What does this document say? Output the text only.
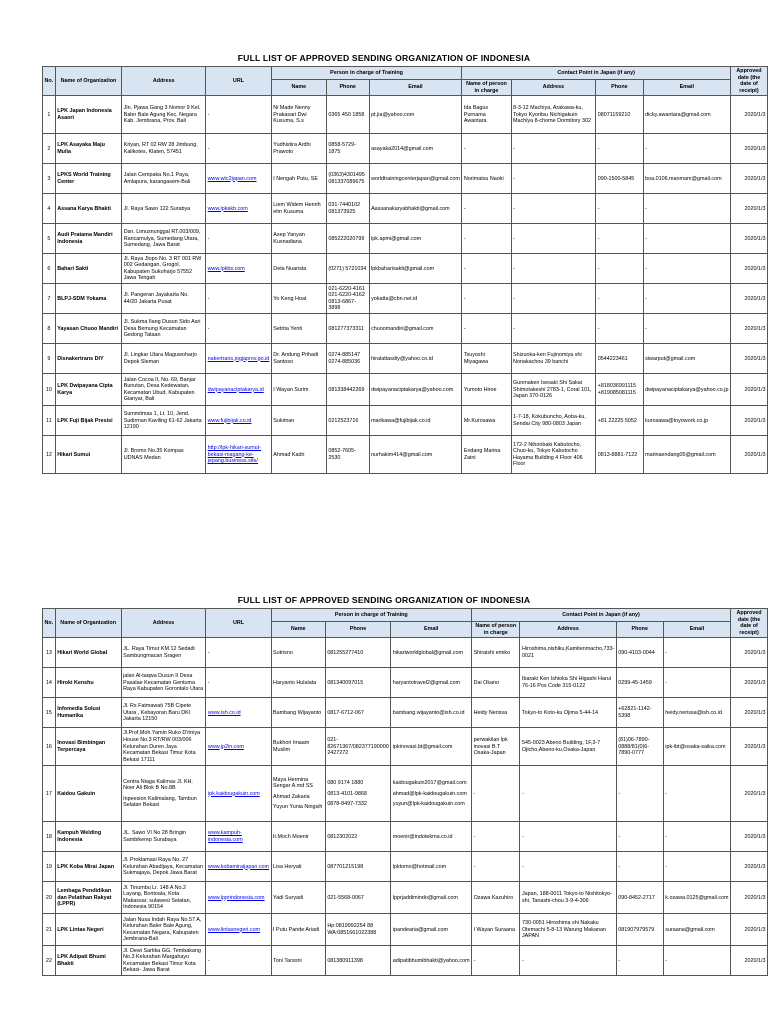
FULL LIST OF APPROVED SENDING ORGANIZATION OF INDONESIA
No.	Name of Organization	Address	URL	Person in charge of Training			Contact Point in Japan (if any)				Approved date (the date of receipt)
				Name	Phone	Email	Name of person in charge	Address	Phone	Email	
1	LPK Japan Indonesia Asaori	Jln. Pjawa Gang 3 Nomor 9 Kel. Baler Bale Agung Kec. Negara Kab. Jembrana, Prov. Bali	-	Ni Made Nenny Prakasari Dwi Kusuma, S.s	0365 450 1858	pt.jia@yahoo.com	Ida Bagus Purnama Awantara	8-3-12 Machiya, Arakawa-ku, Tokyo Kyoritsu Nichigakuin Machiya 8-chome Dormitory 302	08071159210	dicky.awantara@gmail.com	2020/1/3
2	LPK Asayaka Maju Mulia	Kriyan, RT 02 RW 28 Jimbung, Kalikotes, Klaten, 57451	-	Yudhistira Ardhi Prawoto	0858-5729-1875	asayaka2014@gmail.com	-	-	-	-	2020/1/3
3	LPKS World Training Center	Jalan Cempaka No.1 Paya, Amlapura, karangasem-Bali	www.wtc2japan.com	I Nengah Putu, SE	(0363)4301495 081337089675	worldtrainingcenterjapan@gmail.com	Norimatsu Naoki	-	090-1500-5845	boa.0106.manmam@gmail.com	2020/1/3
4	Assana Karya Bhakti	Jl. Raya Sawo 122 Surabya	www.lpkakb.com	Liem Widem Henrih elm Kusuma	031-7440102 081373925	Aassanakaryabhakti@gmail.com	-	-	-	-	2020/1/3
5	Audi Pratama Mandiri Indonesia	Dsn. Limusnunggal RT.003/009, Rancamulya, Sumedang Utara, Sumedang, Jawa Barat	-	Asep Yanyan Kusnadiana	085222020799	lpk.apmi@gmail.com	-	-	-	-	2020/1/3
6	Bahari Sakti	Jl. Raya Jlopo No. 3 RT 001 RW 002 Gedangan, Grogol, Kabupaten Sukoharjo 57552 Jawa Tengah	www.lpkbs.com	Deta Nuarista	(0271) 5721034	lpkbaharisakti@gmail.com	-	-	-	-	2020/1/3
7	BLPJ-SDM Yokama	Jl. Pangeran Jayakarta No. 44/20 Jakarta Pusat	-	Yo Keng Hoat	021-6220-4161 021-6220-4162 0813-6867-3898	yokatta@cbn.net.id	-	-	-	-	2020/1/3
8	Yayasan Chuoo Mandiri	Jl. Sukma Ilang Dusun Sido Asri Desa Bemung Kecamatan Gedong Tataan	-	Setrita Yenti	081277373311	chuoomandiri@gmail.com	-	-	-	-	2020/1/3
9	Disnakertrans DIY	Jl. Lingkar Utara Maguwoharjo Depok Sleman	nakertrans.jogjaprov.go.id	Dr. Andung Prihadi Santoso	0274-885147 0274-885036	hiralattasdiy@yahoo.co.id	Tsuyoshi Miyagawa	Shizuoka-ken Fujinomiya shi Nonakachou 39 banchi	0544223461	siwarput@gmail.com	2020/1/3
10	LPK Dwipayana Cipta Karya	Jalan Cocoa II, No. 69, Banjar Bunutan, Desa Kedewatan, Kecamatan Ubud, Kabupaten Gianyar, Bali	dwipayanaciptakarya.id	I Wayan Surim	081338442269	dwipayanaciptakarya@yahoo.com	Yumoto Hiroe	Gunmaken Isesaki Shi Sakai Shimotakeshi 2783-1, Coral 101, Japan 370-0126	+818036991115 +819085081115	dwipayanaciptakarya@yahoo.co.jp	2020/1/3
11	LPK Fuji Bijak Presisi	Summitmas 1, Lt. 10, Jend. Sudirman Kaviling 61-62 Jakarta 12190	www.fujibijak.co.id	Sukiman	0212523716	marikawa@fujibijak.co.id	Mr.Kurosawa	1-7-18, Kokubuncho, Aoba-ku, Sendai City 980-0803 Japan	+81 22225 5052	kurosawa@toyowork.co.jp	2020/1/3
12	Hikari Sumui	Jl. Bromo No.35 Kompas UDNAS Medan	http://lpk-hikari-sumut-bekasi-magang-ke-jepang.business.site/	Ahmad Kadri	0852-7605-2530	nurhakim414@gmail.com	Endang Marina Zaini	172-2 Nihonbaki Kabutocho, Chuo-ku, Tokyo Kabutocho Hayama Building 4 Floor 406 Floor	0813-8881-7122	marinaendang05@gmail.com	2020/1/3
FULL LIST OF APPROVED SENDING ORGANIZATION OF INDONESIA
No.	Name of Organization	Address	URL	Person in charge of Training			Contact Point in Japan (if any)				Approved date (the date of receipt)
				Name	Phone	Email	Name of person in charge	Address	Phone	Email	
13	Hikari World Global	JL. Raya Timur KM.12 Sedadi Sambungmacan Sragen	-	Sutrisno	081255277410	hikariworldglobal@gmail.com	Shiraishi emiko	Hiroshima,nishiku,Kamitenmacho,733-0021	090-4103-0044	-	2020/1/3
14	Hiroki Kenshu	jalan Al-taqwa Dusun II Desa Pasalae Kecamatan Gentuma Raya Kabupaten Gorontalo Utara	-	Haryanto Hulalata	081340097015	haryantotravel2@gmail.com	Dai Okano	Ibaraki Ken Ishioka Shi Higashi Harui 76-16 Pos Code 315-0122	0299-45-1459	-	2020/1/3
15	Infomedia Solusi Humanika	Jl. Rs Fatmawati 75B Cipete Utara , Kebayoran Baru DKI Jakarta 12150	www.ish.co.id	Bambang Wijayanto	0817-6712-067	bambang.wijayanto@ish.co.id	Heidy Nerissa	Tokyo-to Koto-ku Ojima 5-44-14	+62821-1142-5398	heidy.nerissa@ish.co.id	2020/1/3
16	Inovasi Bimbingan Terpercaya	Jl.Prof.Moh.Yamin Ruko D'riniya House No.3 RT/RW 003/006 Kelurahan Duren Jaya Kecamatan Bekasi Timur Kota Bekasi 17111	www.jp2in.com	Bukhori Imaam Muslim	021-82671367/082377190000 2427272	ipkinovasi.bt@gmail.com	perwakilan lpk inovasi B.T Osaka-Japan	545-0023 Abeno Building, 1F,3-7 Ojicho,Abeno-ku,Osaka-Japan	(81)06-7890-0888/81(0)6-7890-0777	ipk-ibt@osaka-saika.com	2020/1/3
17	Kaidou Gakuin	Centra Niaga Kalimas Jl. KH. Noer Ali Blok B No.8B
Inpeesion Kalimalang, Tambun Selatan Bekasi	ipk.kaidougakuin.com	Maya Hermina Sengar A.md SS
Ahmad Zakaria
Yuyun Yunia Ningsih	080 9174 1880
0813-4101-9868
0878-8497-7332	kaidougakuin2017@gmail.com
ahmad@lpk-kaidougakuin.com
yuyun@lpk-kaidougakuin.com	-	-	-	-	2020/1/3
18	Kampuh Welding Indonesia	JL. Sawo VI No 28 Bringin Sambikerep Surabaya	www.kampuh-indonesia.com	Ir.Moch Moenir	0812302022	moenir@indotekma.co.id	-	-	-	-	2020/1/3
19	LPK Koba Mirai Japan	Jl. Proklamasi Raya No. 27 Kelurahan Abadijaya, Kecamatan Sukmajaya, Depok Jawa Barat	www.kobamiraijapan.com	Lisa Heryati	087701215198	lpktomo@hotmail.com	-	-	-	-	2020/1/3
20	Lembaga Pendidikan dan Pelatihan Rakyat (LPPR)	Jl. Tinumbu Lr. 148 A No.2 Layang, Bontoala, Kota Makassar, sulawesi Selatan, Indonesia 90154	www.lpprindonesia.com	Yadi Suryadi	021-5568-0067	lpprjaddimindo@gmail.com	Ozawa Kazuhiro	Japan, 188-0011 Tokyo-to Nishitokyo-shi, Tanashi-chou 3-9-4-306	090-8452-2717	k.ozawa.0125@gmail.com	2020/1/3
21	LPK Lintas Negeri	Jalan Nusa Indah Raya No.57 A, Kelurahan Baler Bale Agung, Kecamatan Negara, Kabupaten Jembrana-Bali	www.lintasnegeri.com	I Putu Pande Ariadi	Hp:0819992254 88 WA:0851661022388	ipandearia@gmail.com	I Wayan Suraana	730-0051 Hiroshima shi Nakaku Otemachi 5-8-13 Warung Makanan JAPAN	081907979579	suraana@gmail.com	2020/1/3
22	LPK Adipati Bhumi Bhakti	Jl. Dewi Sartika GG. Tembakang No.3 Kelurahan Margahayu Kecamatan Bekasi Timur Kota Bekasi- Jawa Barat	-	Toni Tarsoni	081380911398	adipatibhumibhakti@yahoo.com	-	-	-	-	2020/1/3
